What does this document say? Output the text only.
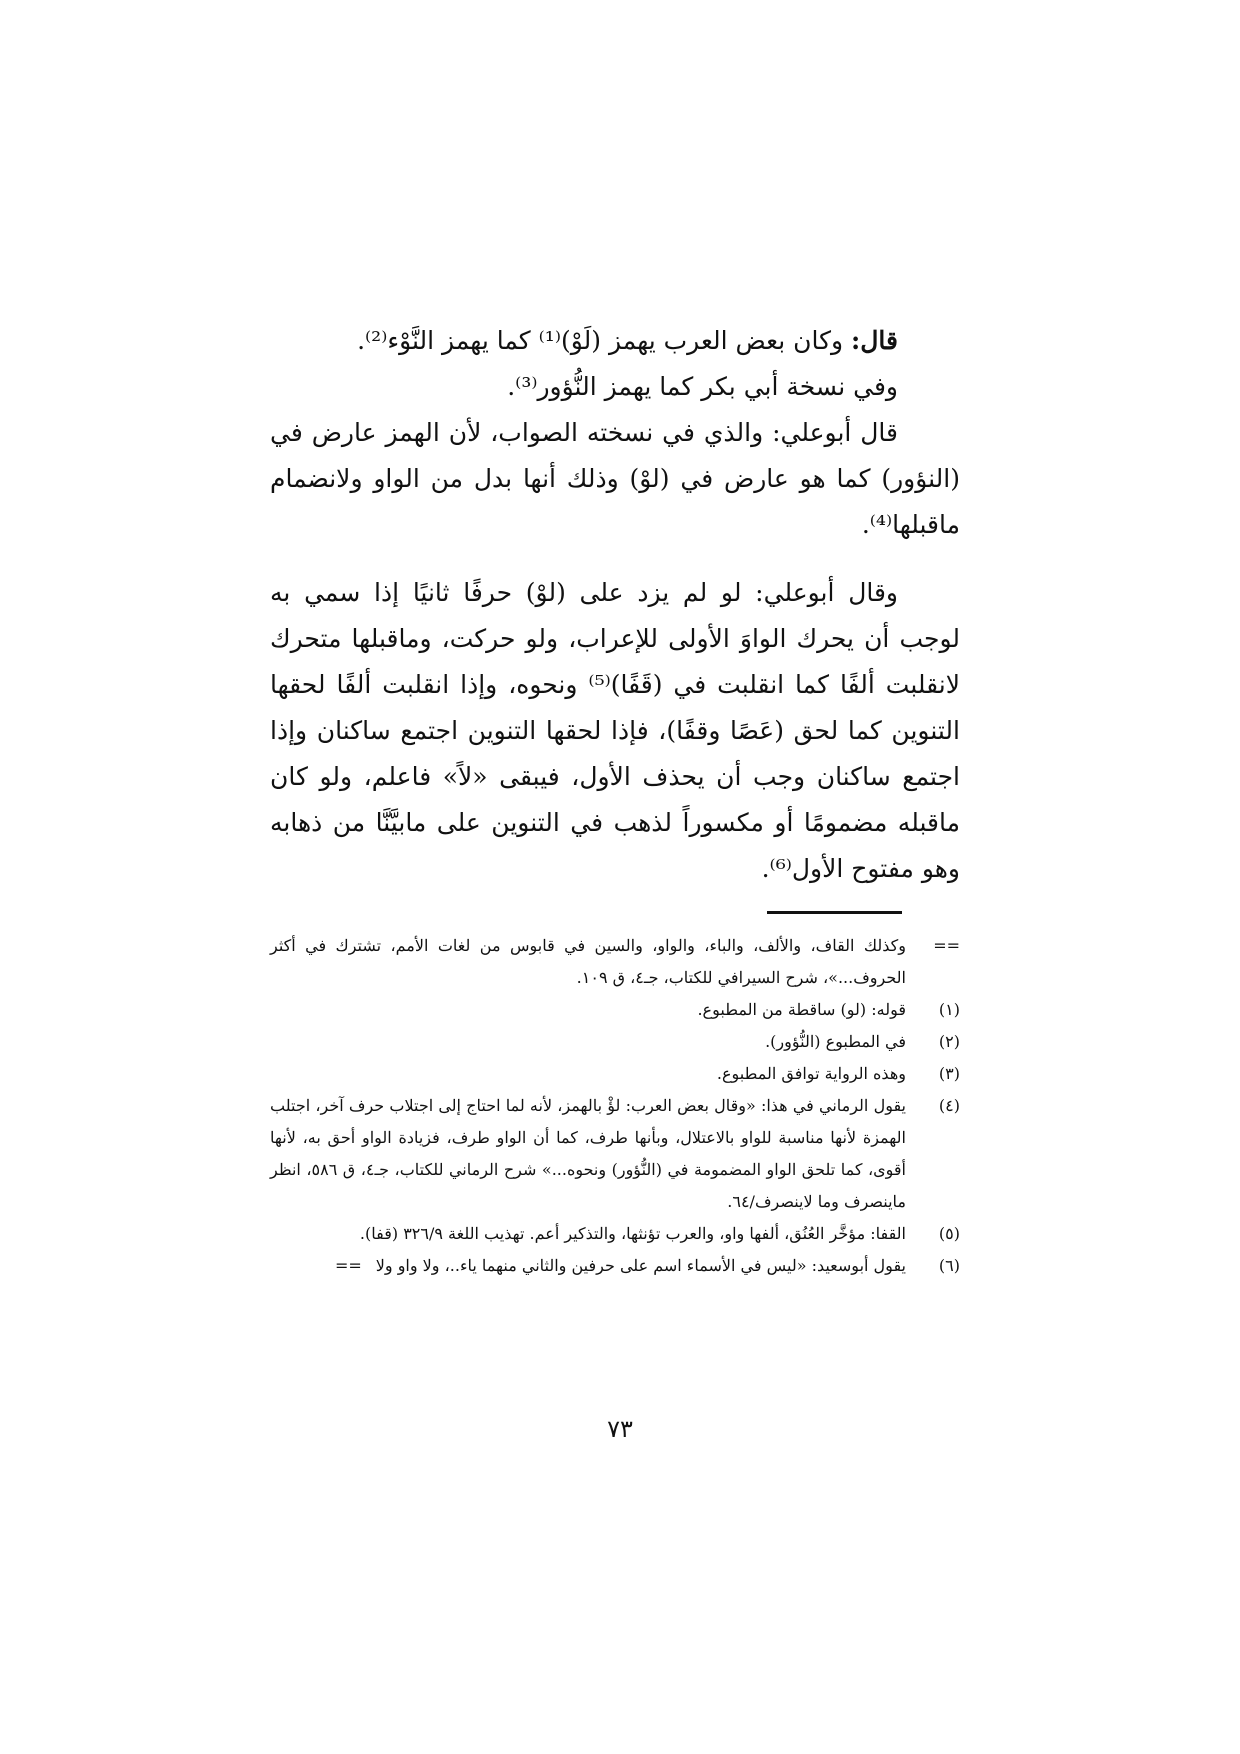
قال: وكان بعض العرب يهمز (لَوْ)⁽¹⁾ كما يهمز النَّوْء⁽²⁾.

وفي نسخة أبي بكر كما يهمز النُّؤور⁽³⁾.

قال أبوعلي: والذي في نسخته الصواب، لأن الهمز عارض في (النؤور) كما هو عارض في (لوْ) وذلك أنها بدل من الواو ولانضمام ماقبلها⁽⁴⁾.

وقال أبوعلي: لو لم يزد على (لوْ) حرفًا ثانيًا إذا سمي به لوجب أن يحرك الواوَ الأولى للإعراب، ولو حركت، وماقبلها متحرك لانقلبت ألفًا كما انقلبت في (قَفًا)⁽⁵⁾ ونحوه، وإذا انقلبت ألفًا لحقها التنوين كما لحق (عَصًا وقفًا)، فإذا لحقها التنوين اجتمع ساكنان وإذا اجتمع ساكنان وجب أن يحذف الأول، فيبقى «لاً» فاعلم، ولو كان ماقبله مضمومًا أو مكسوراً لذهب في التنوين على مابيَّنَّا من ذهابه وهو مفتوح الأول⁽⁶⁾.

==
وكذلك القاف، والألف، والباء، والواو، والسين في قابوس من لغات الأمم، تشترك في أكثر الحروف...»، شرح السيرافي للكتاب، جـ٤، ق ١٠٩.
(١)
قوله: (لو) ساقطة من المطبوع.
(٢)
في المطبوع (النُّؤور).
(٣)
وهذه الرواية توافق المطبوع.
(٤)
يقول الرماني في هذا: «وقال بعض العرب: لؤْ بالهمز، لأنه لما احتاج إلى اجتلاب حرف آخر، اجتلب الهمزة لأنها مناسبة للواو بالاعتلال، وبأنها طرف، كما أن الواو طرف، فزيادة الواو أحق به، لأنها أقوى، كما تلحق الواو المضمومة في (النُّؤور) ونحوه...» شرح الرماني للكتاب، جـ٤، ق ٥٨٦، انظر ماينصرف وما لاينصرف/٦٤.
(٥)
القفا: مؤخَّر العُنُق، ألفها واو، والعرب تؤنثها، والتذكير أعم. تهذيب اللغة ٣٢٦/٩ (قفا).
(٦)
يقول أبوسعيد: «ليس في الأسماء اسم على حرفين والثاني منهما ياء..، ولا واو ولا==
٧٣
